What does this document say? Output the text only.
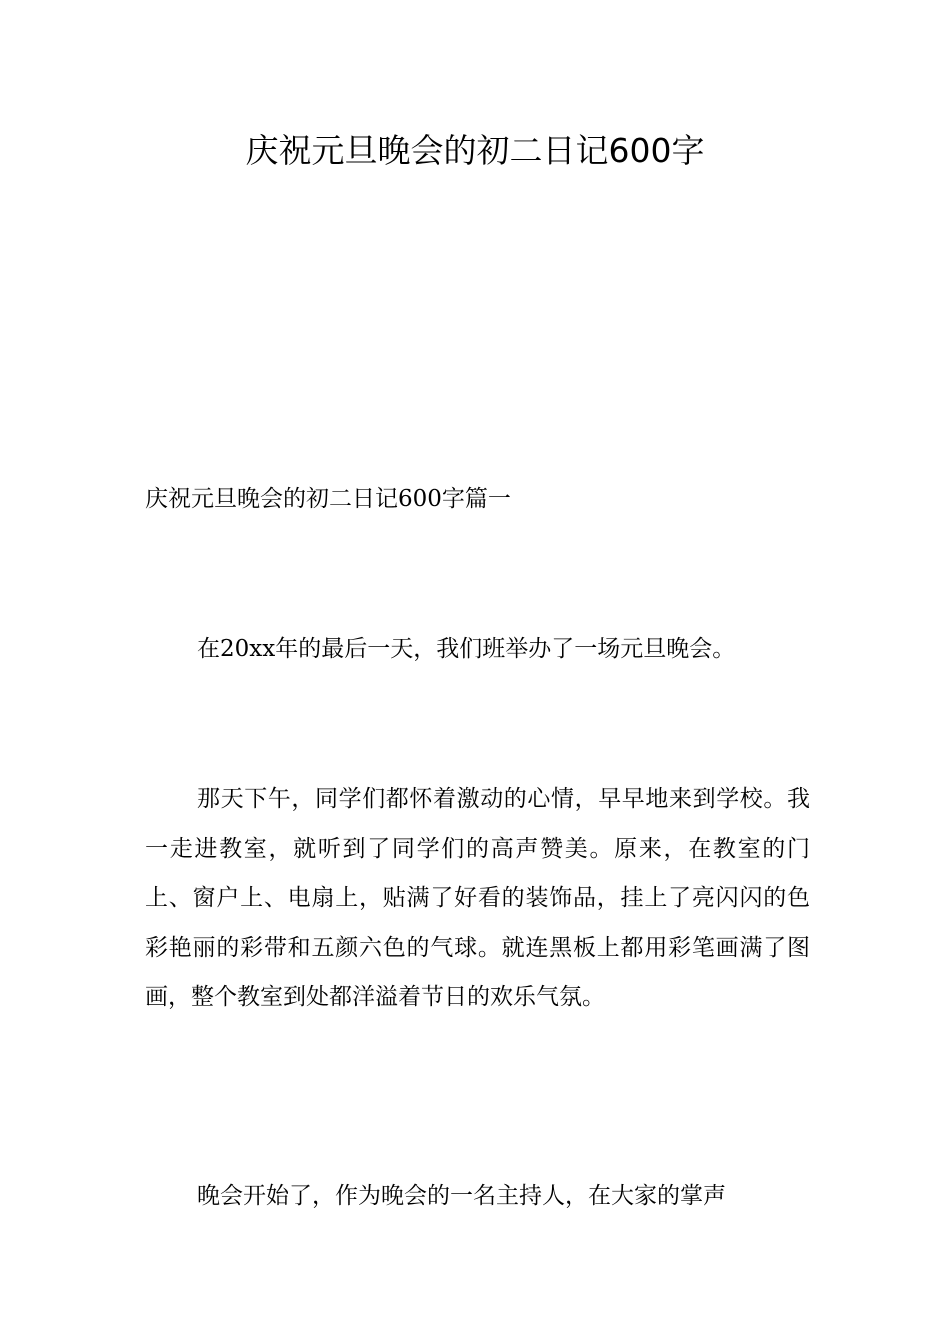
庆祝元旦晚会的初二日记600字
庆祝元旦晚会的初二日记600字篇一

在20xx年的最后一天，我们班举办了一场元旦晚会。

那天下午，同学们都怀着激动的心情，早早地来到学校。我一走进教室，就听到了同学们的高声赞美。原来，在教室的门上、窗户上、电扇上，贴满了好看的装饰品，挂上了亮闪闪的色彩艳丽的彩带和五颜六色的气球。就连黑板上都用彩笔画满了图画，整个教室到处都洋溢着节日的欢乐气氛。

晚会开始了，作为晚会的一名主持人，在大家的掌声
